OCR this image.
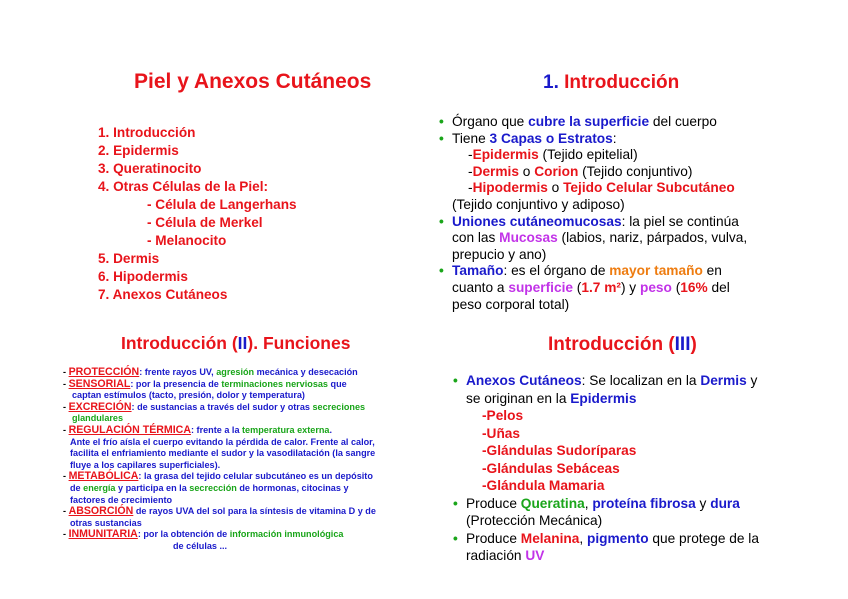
Piel y Anexos Cutáneos
1. Introducción
2. Epidermis
3. Queratinocito
4. Otras Células de la Piel:
- Célula de Langerhans
- Célula de Merkel
- Melanocito
5. Dermis
6. Hipodermis
7. Anexos Cutáneos
1. Introducción
• Órgano que cubre la superficie del cuerpo
• Tiene 3 Capas o Estratos:
-Epidermis (Tejido epitelial)
-Dermis o Corion (Tejido conjuntivo)
-Hipodermis o Tejido Celular Subcutáneo
(Tejido conjuntivo y adiposo)
• Uniones cutáneomucosas: la piel se continúa
con las Mucosas (labios, nariz, párpados, vulva,
prepucio y ano)
• Tamaño: es el órgano de mayor tamaño en
cuanto a superficie (1.7 m²) y peso (16% del
peso corporal total)
Introducción (II). Funciones
- PROTECCIÓN: frente rayos UV, agresión mecánica y desecación
- SENSORIAL: por la presencia de terminaciones nerviosas que
captan estímulos (tacto, presión, dolor y temperatura)
- EXCRECIÓN: de sustancias a través del sudor y otras secreciones
glandulares
- REGULACIÓN TÉRMICA: frente a la temperatura externa.
Ante el frío aísla el cuerpo evitando la pérdida de calor. Frente al calor,
facilita el enfriamiento mediante el sudor y la vasodilatación (la sangre
fluye a los capilares superficiales).
- METABÓLICA: la grasa del tejido celular subcutáneo es un depósito
de energía y participa en la secrección de hormonas, citocinas y
factores de crecimiento
- ABSORCIÓN de rayos UVA del sol para la síntesis de vitamina D y de
otras sustancias
- INMUNITARIA: por la obtención de información inmunológica
de células ...
Introducción (III)
• Anexos Cutáneos: Se localizan en la Dermis y
se originan en la Epidermis
-Pelos
-Uñas
-Glándulas Sudoríparas
-Glándulas Sebáceas
-Glándula Mamaria
• Produce Queratina, proteína fibrosa y dura
(Protección Mecánica)
• Produce Melanina, pigmento que protege de la
radiación UV
